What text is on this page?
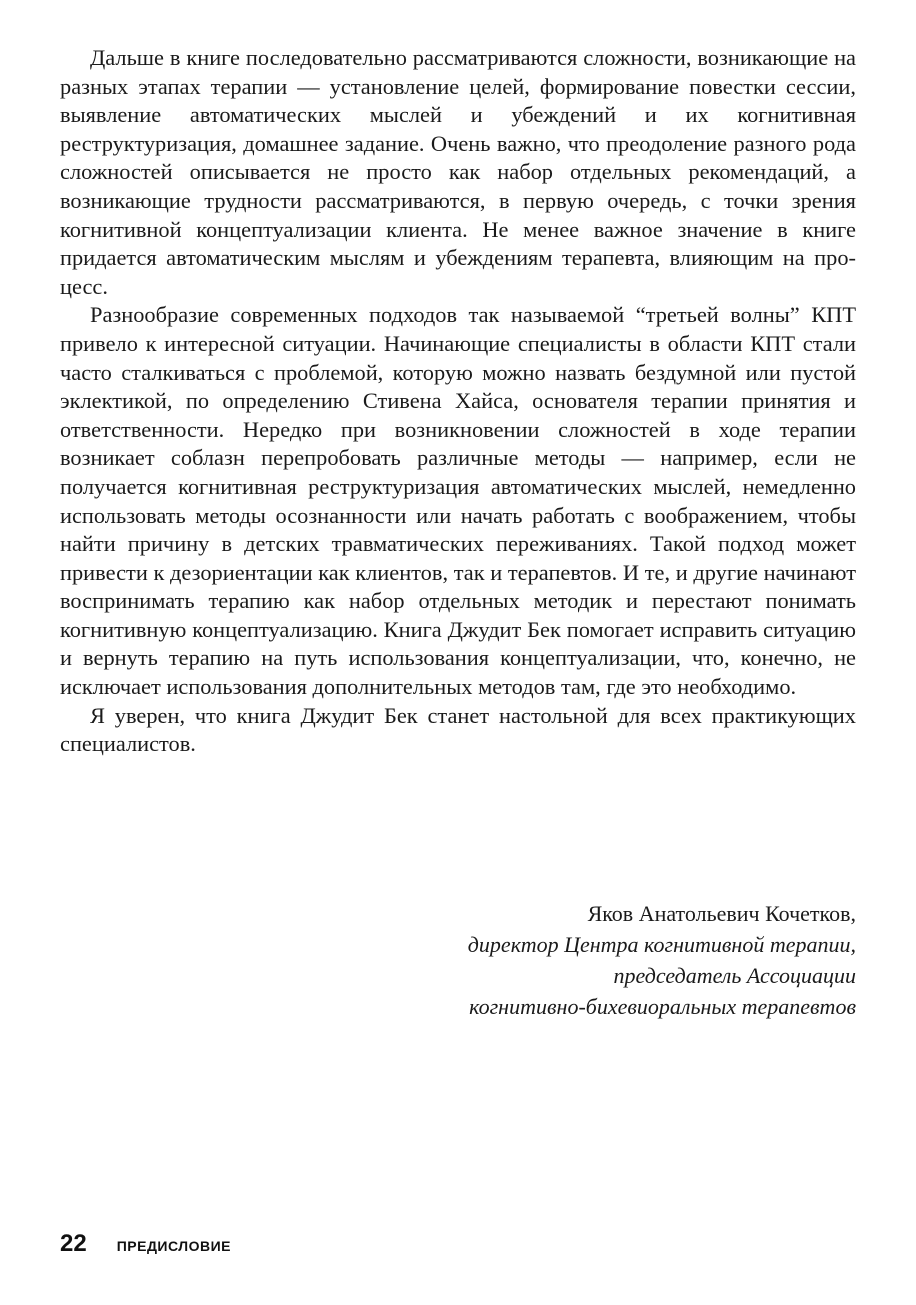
Дальше в книге последовательно рассматриваются сложности, возникающие на разных этапах терапии — установление целей, формирование повестки сессии, выявление автоматических мыслей и убеждений и их когнитивная реструктуризация, домашнее задание. Очень важно, что преодоление разного рода сложностей описывается не просто как набор отдельных рекомендаций, а возникающие трудности рассматриваются, в первую очередь, с точки зрения когнитивной концептуализации клиента. Не менее важное значение в книге придается автоматическим мыслям и убеждениям терапевта, влияющим на процесс.

Разнообразие современных подходов так называемой “третьей волны” КПТ привело к интересной ситуации. Начинающие специалисты в области КПТ стали часто сталкиваться с проблемой, которую можно назвать бездумной или пустой эклектикой, по определению Стивена Хайса, основателя терапии принятия и ответственности. Нередко при возникновении сложностей в ходе терапии возникает соблазн перепробовать различные методы — например, если не получается когнитивная реструктуризация автоматических мыслей, немедленно использовать методы осознанности или начать работать с воображением, чтобы найти причину в детских травматических переживаниях. Такой подход может привести к дезориентации как клиентов, так и терапевтов. И те, и другие начинают воспринимать терапию как набор отдельных методик и перестают понимать когнитивную концептуализацию. Книга Джудит Бек помогает исправить ситуацию и вернуть терапию на путь использования концептуализации, что, конечно, не исключает использования дополнительных методов там, где это необходимо.

Я уверен, что книга Джудит Бек станет настольной для всех практикующих специалистов.

Яков Анатольевич Кочетков,
директор Центра когнитивной терапии,
председатель Ассоциации
когнитивно-бихевиоральных терапевтов
22 ПРЕДИСЛОВИЕ
